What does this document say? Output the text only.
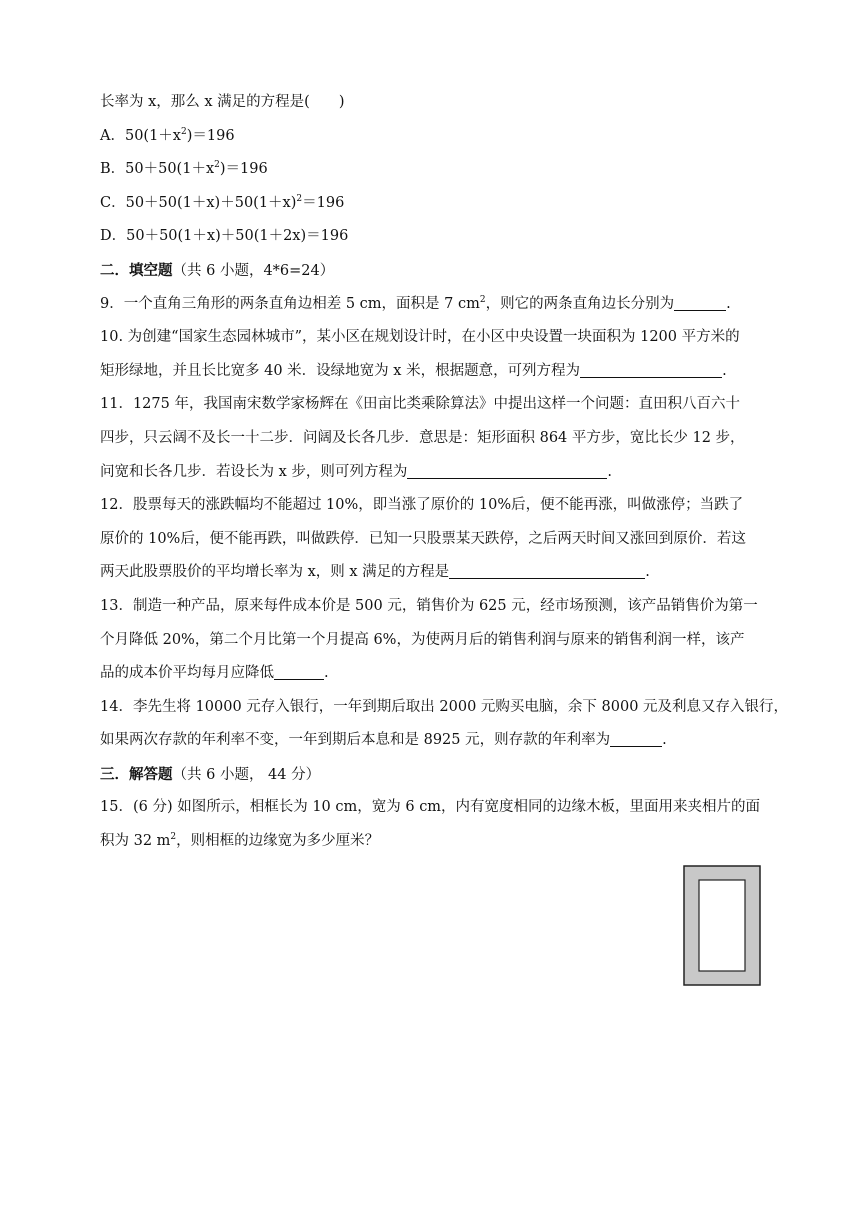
长率为 x，那么 x 满足的方程是(　　)
A．$50(1+x^2)=196$
B．$50+50(1+x^2)=196$
C．$50+50(1+x)+50(1+x)^2=196$
D．50＋50(1＋x)＋50(1＋2x)＝196
二．填空题（共 6 小题，4*6=24）
9．一个直角三角形的两条直角边相差 5 cm，面积是 7 $cm^2$，则它的两条直角边长分别为	.
10. 为创建“国家生态园林城市”，某小区在规划设计时，在小区中央设置一块面积为 1200 平方米的
矩形绿地，并且长比宽多 40 米．设绿地宽为 x 米，根据题意，可列方程为	.
11．1275 年，我国南宋数学家杨辉在《田亩比类乘除算法》中提出这样一个问题：直田积八百六十
四步，只云阔不及长一十二步．问阔及长各几步．意思是：矩形面积 864 平方步，宽比长少 12 步，
问宽和长各几步．若设长为 x 步，则可列方程为	.
12．股票每天的涨跌幅均不能超过 10%，即当涨了原价的 10%后，便不能再涨，叫做涨停；当跌了
原价的 10%后，便不能再跌，叫做跌停．已知一只股票某天跌停，之后两天时间又涨回到原价．若这
两天此股票股价的平均增长率为 x，则 x 满足的方程是	.
13．制造一种产品，原来每件成本价是 500 元，销售价为 625 元，经市场预测，该产品销售价为第一
个月降低 20%，第二个月比第一个月提高 6%，为使两月后的销售利润与原来的销售利润一样，该产
品的成本价平均每月应降低	.
14．李先生将 10000 元存入银行，一年到期后取出 2000 元购买电脑，余下 8000 元及利息又存入银行，
如果两次存款的年利率不变，一年到期后本息和是 8925 元，则存款的年利率为	.
三．解答题（共 6 小题， 44 分）
15．(6 分) 如图所示，相框长为 10 cm，宽为 6 cm，内有宽度相同的边缘木板，里面用来夹相片的面
积为 32 $m^2$，则相框的边缘宽为多少厘米？
